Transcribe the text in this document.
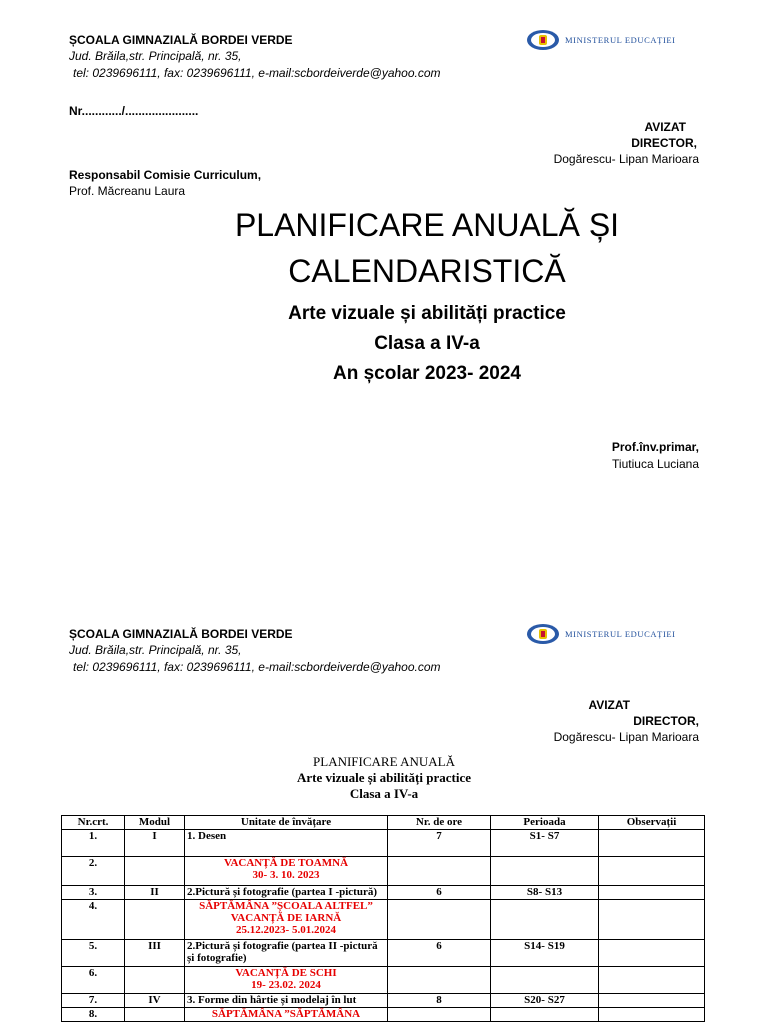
ȘCOALA GIMNAZIALĂ BORDEI VERDE
Jud. Brăila,str. Principală, nr. 35,
tel: 0239696111, fax: 0239696111, e-mail:scbordeiverde@yahoo.com
MINISTERUL EDUCAȚIEI
Nr............/......................
AVIZAT
DIRECTOR,
Dogărescu- Lipan Marioara
Responsabil Comisie Curriculum,
Prof. Măcreanu Laura
PLANIFICARE ANUALĂ ȘI
CALENDARISTICĂ
Arte vizuale și abilități practice
Clasa a IV-a
An școlar 2023- 2024
Prof.înv.primar,
Tiutiuca Luciana
ȘCOALA GIMNAZIALĂ BORDEI VERDE
Jud. Brăila,str. Principală, nr. 35,
tel: 0239696111, fax: 0239696111, e-mail:scbordeiverde@yahoo.com
MINISTERUL EDUCAȚIEI
AVIZAT
DIRECTOR,
Dogărescu- Lipan Marioara
PLANIFICARE ANUALĂ
Arte vizuale și abilități practice
Clasa a IV-a
Nr.crt.	Modul	Unitate de învățare	Nr. de ore	Perioada	Observații
1.	I	1. Desen	7	S1- S7	
2.		VACANȚĂ DE TOAMNĂ
30- 3. 10. 2023			
3.	II	2.Pictură și fotografie (partea I -pictură)	6	S8- S13	
4.		SĂPTĂMÂNA ”ȘCOALA ALTFEL”
VACANȚĂ DE IARNĂ
25.12.2023- 5.01.2024			
5.	III	2.Pictură și fotografie (partea II -pictură și fotografie)	6	S14- S19	
6.		VACANȚĂ DE SCHI
19- 23.02. 2024			
7.	IV	3. Forme din hârtie și modelaj în lut	8	S20- S27	
8.		SĂPTĂMÂNA ”SĂPTĂMÂNA			
